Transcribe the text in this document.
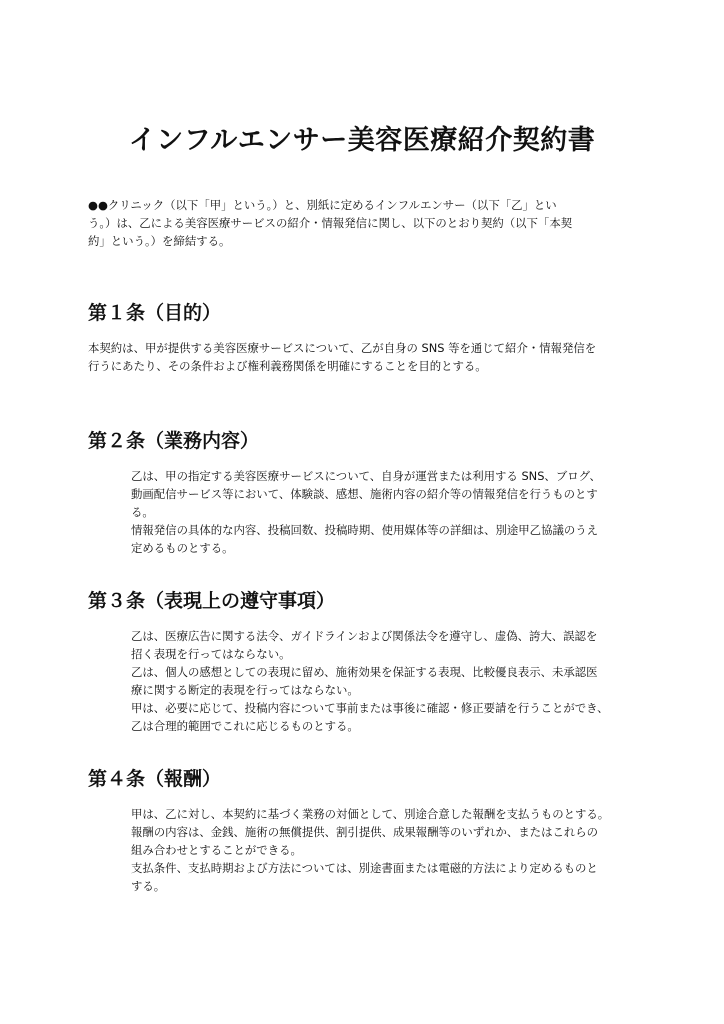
インフルエンサー美容医療紹介契約書
●●クリニック（以下「甲」という。）と、別紙に定めるインフルエンサー（以下「乙」とい
う。）は、乙による美容医療サービスの紹介・情報発信に関し、以下のとおり契約（以下「本契
約」という。）を締結する。
第１条（目的）
本契約は、甲が提供する美容医療サービスについて、乙が自身の SNS 等を通じて紹介・情報発信を
行うにあたり、その条件および権利義務関係を明確にすることを目的とする。
第２条（業務内容）
乙は、甲の指定する美容医療サービスについて、自身が運営または利用する SNS、ブログ、
動画配信サービス等において、体験談、感想、施術内容の紹介等の情報発信を行うものとす
る。
情報発信の具体的な内容、投稿回数、投稿時期、使用媒体等の詳細は、別途甲乙協議のうえ
定めるものとする。
第３条（表現上の遵守事項）
乙は、医療広告に関する法令、ガイドラインおよび関係法令を遵守し、虚偽、誇大、誤認を
招く表現を行ってはならない。
乙は、個人の感想としての表現に留め、施術効果を保証する表現、比較優良表示、未承認医
療に関する断定的表現を行ってはならない。
甲は、必要に応じて、投稿内容について事前または事後に確認・修正要請を行うことができ、
乙は合理的範囲でこれに応じるものとする。
第４条（報酬）
甲は、乙に対し、本契約に基づく業務の対価として、別途合意した報酬を支払うものとする。
報酬の内容は、金銭、施術の無償提供、割引提供、成果報酬等のいずれか、またはこれらの
組み合わせとすることができる。
支払条件、支払時期および方法については、別途書面または電磁的方法により定めるものと
する。
